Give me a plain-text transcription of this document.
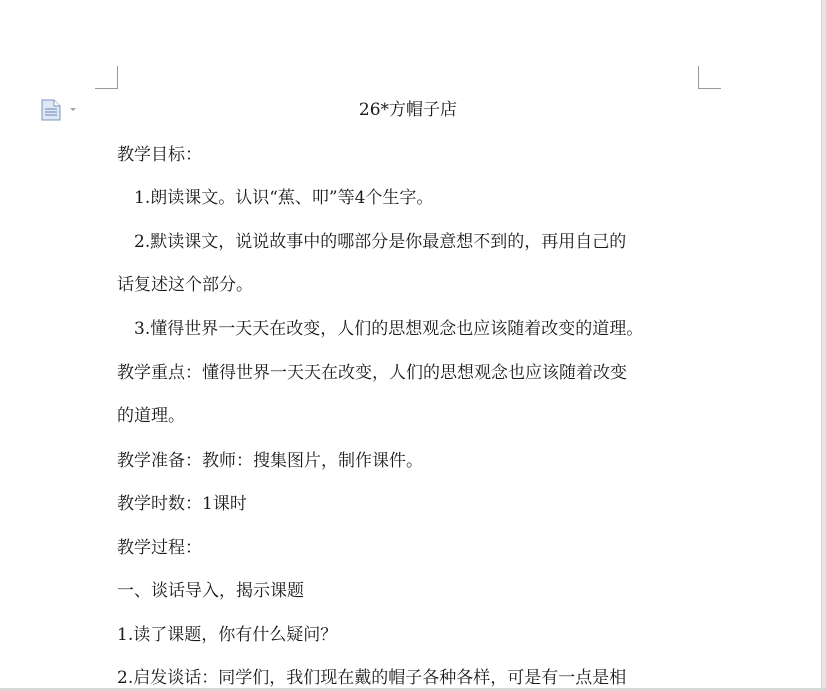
26*方帽子店
教学目标：
1.朗读课文。认识“蕉、叩”等4个生字。
2.默读课文，说说故事中的哪部分是你最意想不到的，再用自己的
话复述这个部分。
3.懂得世界一天天在改变，人们的思想观念也应该随着改变的道理。
教学重点：懂得世界一天天在改变，人们的思想观念也应该随着改变
的道理。
教学准备：教师：搜集图片，制作课件。
教学时数：1课时
教学过程：
一、谈话导入，揭示课题
1.读了课题，你有什么疑问？
2.启发谈话：同学们，我们现在戴的帽子各种各样，可是有一点是相
